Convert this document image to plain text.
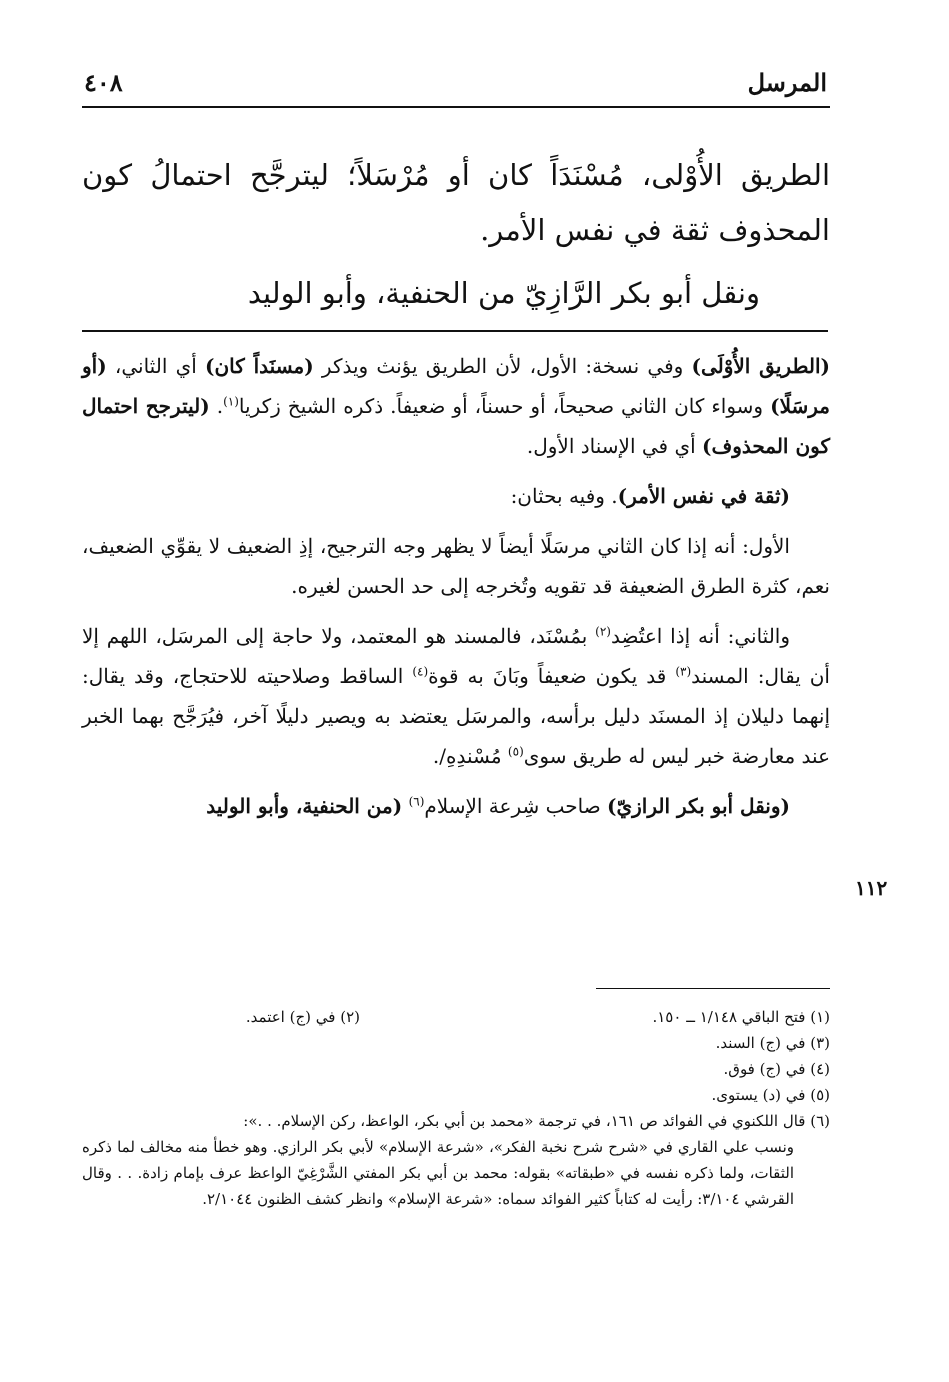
٤٠٨	المرسل

الطريق الأُوْلى، مُسْنَدَاً كان أو مُرْسَلاً؛ ليترجَّح احتمالُ كون المحذوف ثقة في نفس الأمر.

ونقل أبو بكر الرَّازِيّ من الحنفية، وأبو الوليد

(الطريق الأُوْلَى) وفي نسخة: الأول، لأن الطريق يؤنث ويذكر (مسنَداً كان) أي الثاني، (أو مرسَلًا) وسواء كان الثاني صحيحاً، أو حسناً، أو ضعيفاً. ذكره الشيخ زكريا$^{(١)}$. (ليترجح احتمال كون المحذوف) أي في الإسناد الأول.

(ثقة في نفس الأمر). وفيه بحثان:

الأول: أنه إذا كان الثاني مرسَلًا أيضاً لا يظهر وجه الترجيح، إذِ الضعيف لا يقوِّي الضعيف، نعم، كثرة الطرق الضعيفة قد تقويه وتُخرجه إلى حد الحسن لغيره.

والثاني: أنه إذا اعتُضِد$^{(٢)}$ بمُسْنَد، فالمسند هو المعتمد، ولا حاجة إلى المرسَل، اللهم إلا أن يقال: المسند$^{(٣)}$ قد يكون ضعيفاً وبَانَ به قوة$^{(٤)}$ الساقط وصلاحيته للاحتجاج، وقد يقال: إنهما دليلان إذ المسنَد دليل برأسه، والمرسَل يعتضد به ويصير دليلًا آخر، فيُرَجَّح بهما الخبر عند معارضة خبر ليس له طريق سوى$^{(٥)}$ مُسْندِهِ/.

(ونقل أبو بكر الرازيّ) صاحب شِرعة الإسلام$^{(٦)}$ (من الحنفية، وأبو الوليد

١١٢

(١) فتح الباقي ١/١٤٨ ــ ١٥٠.

(٢) في (ج) اعتمد.

(٣) في (ج) السند.

(٤) في (ج) فوق.

(٥) في (د) يستوى.

(٦) قال اللكنوي في الفوائد ص ١٦١، في ترجمة «محمد بن أبي بكر، الواعظ، ركن الإسلام. . .»:

ونسب علي القاري في «شرح شرح نخبة الفكر»، «شرعة الإسلام» لأبي بكر الرازي. وهو خطأ منه مخالف لما ذكره الثقات، ولما ذكره نفسه في «طبقاته» بقوله: محمد بن أبي بكر المفتي الشَّرْغِيّ الواعظ عرف بإمام زادة. . . وقال القرشي ٣/١٠٤: رأيت له كتاباً كثير الفوائد سماه: «شرعة الإسلام» وانظر كشف الظنون ٢/١٠٤٤.
